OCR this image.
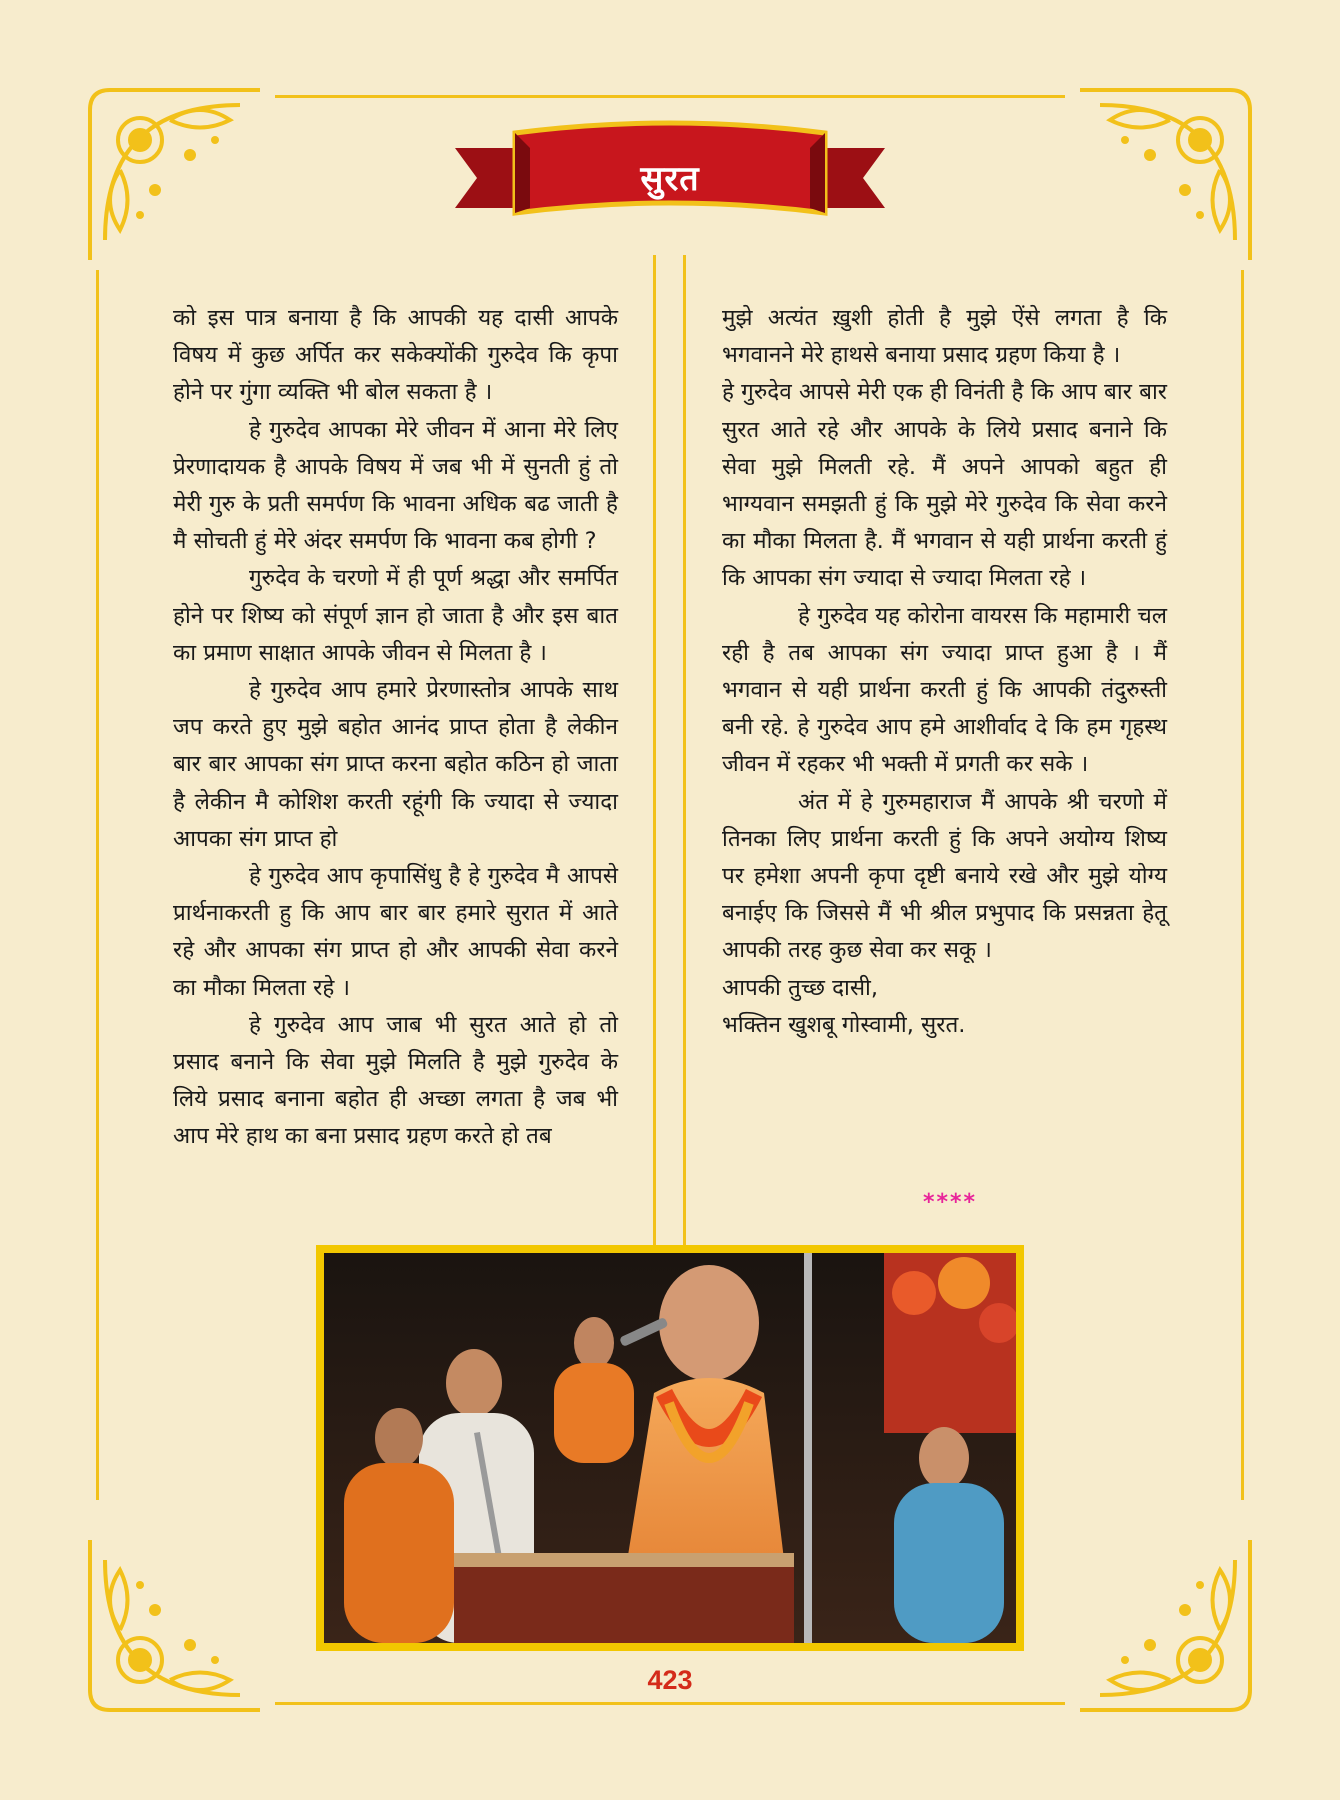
सुरत

को इस पात्र बनाया है कि आपकी यह दासी आपके विषय में कुछ अर्पित कर सकेक्योंकी गुरुदेव कि कृपा होने पर गुंगा व्यक्ति भी बोल सकता है ।

हे गुरुदेव आपका मेरे जीवन में आना मेरे लिए प्रेरणादायक है आपके विषय में जब भी में सुनती हुं तो मेरी गुरु के प्रती समर्पण कि भावना अधिक बढ जाती है मै सोचती हुं मेरे अंदर समर्पण कि भावना कब होगी ?

गुरुदेव के चरणो में ही पूर्ण श्रद्धा और समर्पित होने पर शिष्य को संपूर्ण ज्ञान हो जाता है और इस बात का प्रमाण साक्षात आपके जीवन से मिलता है ।

हे गुरुदेव आप हमारे प्रेरणास्तोत्र आपके साथ जप करते हुए मुझे बहोत आनंद प्राप्त होता है लेकीन बार बार आपका संग प्राप्त करना बहोत कठिन हो जाता है लेकीन मै कोशिश करती रहूंगी कि ज्यादा से ज्यादा आपका संग प्राप्त हो

हे गुरुदेव आप कृपासिंधु है हे गुरुदेव मै आपसे प्रार्थनाकरती हु कि आप बार बार हमारे सुरात में आते रहे और आपका संग प्राप्त हो और आपकी सेवा करने का मौका मिलता रहे ।

हे गुरुदेव आप जाब भी सुरत आते हो तो प्रसाद बनाने कि सेवा मुझे मिलति है मुझे गुरुदेव के लिये प्रसाद बनाना बहोत ही अच्छा लगता है जब भी आप मेरे हाथ का बना प्रसाद ग्रहण करते हो तब

मुझे अत्यंत ख़ुशी होती है मुझे ऐंसे लगता है कि भगवानने मेरे हाथसे बनाया प्रसाद ग्रहण किया है ।

हे गुरुदेव आपसे मेरी एक ही विनंती है कि आप बार बार सुरत आते रहे और आपके के लिये प्रसाद बनाने कि सेवा मुझे मिलती रहे. मैं अपने आपको बहुत ही भाग्यवान समझती हुं कि मुझे मेरे गुरुदेव कि सेवा करने का मौका मिलता है. मैं भगवान से यही प्रार्थना करती हुं कि आपका संग ज्यादा से ज्यादा मिलता रहे ।

हे गुरुदेव यह कोरोना वायरस कि महामारी चल रही है तब आपका संग ज्यादा प्राप्त हुआ है । मैं भगवान से यही प्रार्थना करती हुं कि आपकी तंदुरुस्ती बनी रहे. हे गुरुदेव आप हमे आशीर्वाद दे कि हम गृहस्थ जीवन में रहकर भी भक्ती में प्रगती कर सके ।

अंत में हे गुरुमहाराज मैं आपके श्री चरणो में तिनका लिए प्रार्थना करती हुं कि अपने अयोग्य शिष्य पर हमेशा अपनी कृपा दृष्टी बनाये रखे और मुझे योग्य बनाईए कि जिससे मैं भी श्रील प्रभुपाद कि प्रसन्नता हेतू आपकी तरह कुछ सेवा कर सकू ।

आपकी तुच्छ दासी,

भक्तिन खुशबू गोस्वामी, सुरत.

****
423
